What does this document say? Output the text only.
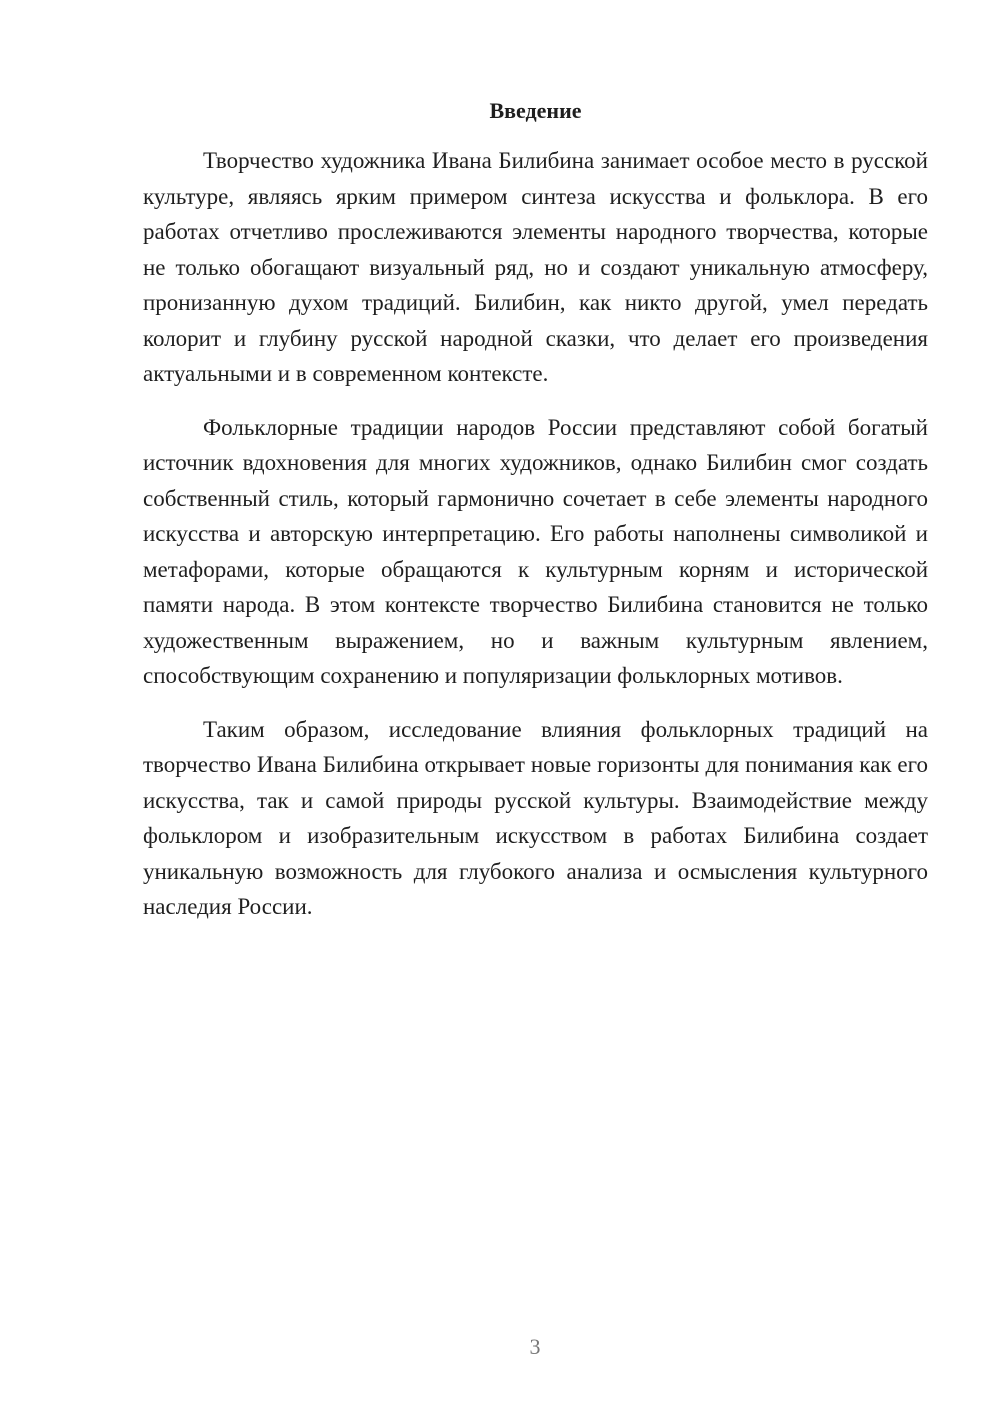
Введение

Творчество художника Ивана Билибина занимает особое место в русской культуре, являясь ярким примером синтеза искусства и фольклора. В его работах отчетливо прослеживаются элементы народного творчества, которые не только обогащают визуальный ряд, но и создают уникальную атмосферу, пронизанную духом традиций. Билибин, как никто другой, умел передать колорит и глубину русской народной сказки, что делает его произведения актуальными и в современном контексте.

Фольклорные традиции народов России представляют собой богатый источник вдохновения для многих художников, однако Билибин смог создать собственный стиль, который гармонично сочетает в себе элементы народного искусства и авторскую интерпретацию. Его работы наполнены символикой и метафорами, которые обращаются к культурным корням и исторической памяти народа. В этом контексте творчество Билибина становится не только художественным выражением, но и важным культурным явлением, способствующим сохранению и популяризации фольклорных мотивов.

Таким образом, исследование влияния фольклорных традиций на творчество Ивана Билибина открывает новые горизонты для понимания как его искусства, так и самой природы русской культуры. Взаимодействие между фольклором и изобразительным искусством в работах Билибина создает уникальную возможность для глубокого анализа и осмысления культурного наследия России.

3
